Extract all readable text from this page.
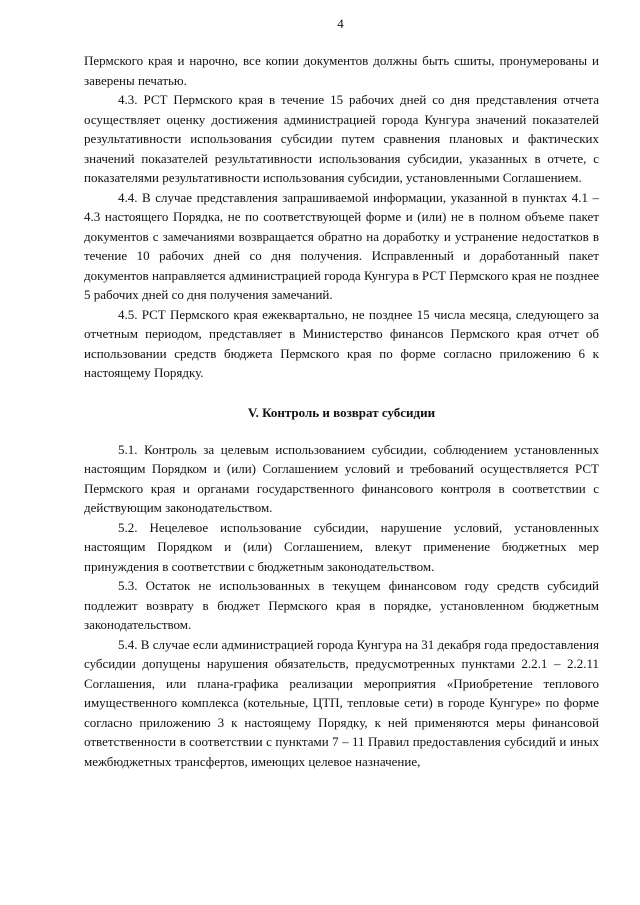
4

Пермского края и нарочно, все копии документов должны быть сшиты, пронумерованы и заверены печатью.

4.3. РСТ Пермского края в течение 15 рабочих дней со дня представления отчета осуществляет оценку достижения администрацией города Кунгура значений показателей результативности использования субсидии путем сравнения плановых и фактических значений показателей результативности использования субсидии, указанных в отчете, с показателями результативности использования субсидии, установленными Соглашением.

4.4. В случае представления запрашиваемой информации, указанной в пунктах 4.1 – 4.3 настоящего Порядка, не по соответствующей форме и (или) не в полном объеме пакет документов с замечаниями возвращается обратно на доработку и устранение недостатков в течение 10 рабочих дней со дня получения. Исправленный и доработанный пакет документов направляется администрацией города Кунгура в РСТ Пермского края не позднее 5 рабочих дней со дня получения замечаний.

4.5. РСТ Пермского края ежеквартально, не позднее 15 числа месяца, следующего за отчетным периодом, представляет в Министерство финансов Пермского края отчет об использовании средств бюджета Пермского края по форме согласно приложению 6 к настоящему Порядку.

V. Контроль и возврат субсидии

5.1. Контроль за целевым использованием субсидии, соблюдением установленных настоящим Порядком и (или) Соглашением условий и требований осуществляется РСТ Пермского края и органами государственного финансового контроля в соответствии с действующим законодательством.

5.2. Нецелевое использование субсидии, нарушение условий, установленных настоящим Порядком и (или) Соглашением, влекут применение бюджетных мер принуждения в соответствии с бюджетным законодательством.

5.3. Остаток не использованных в текущем финансовом году средств субсидий подлежит возврату в бюджет Пермского края в порядке, установленном бюджетным законодательством.

5.4. В случае если администрацией города Кунгура на 31 декабря года предоставления субсидии допущены нарушения обязательств, предусмотренных пунктами 2.2.1 – 2.2.11 Соглашения, или плана-графика реализации мероприятия «Приобретение теплового имущественного комплекса (котельные, ЦТП, тепловые сети) в городе Кунгуре» по форме согласно приложению 3 к настоящему Порядку, к ней применяются меры финансовой ответственности в соответствии с пунктами 7 – 11 Правил предоставления субсидий и иных межбюджетных трансфертов, имеющих целевое назначение,
